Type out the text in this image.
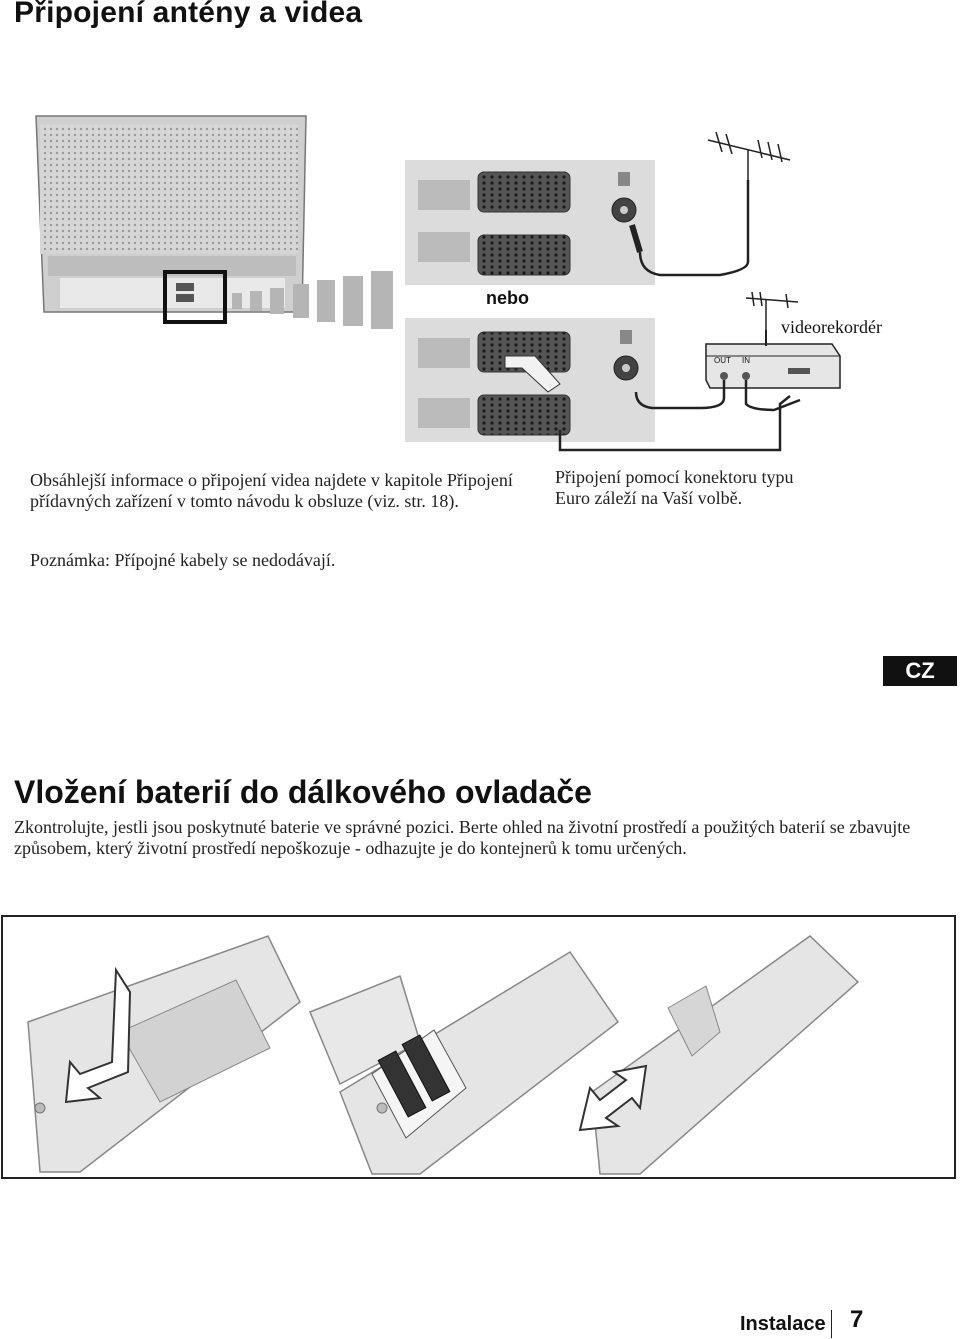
Připojení antény a videa
nebo
videorekordér
OUT IN
Obsáhlejší informace o připojení videa najdete v kapitole Připojení přídavných zařízení v tomto návodu k obsluze (viz. str. 18).
Připojení pomocí konektoru typu Euro záleží na Vaší volbě.
Poznámka: Přípojné kabely se nedodávají.
CZ
Vložení baterií do dálkového ovladače
Zkontrolujte, jestli jsou poskytnuté baterie ve správné pozici. Berte ohled na životní prostředí a použitých baterií se zbavujte způsobem, který životní prostředí nepoškozuje - odhazujte je do kontejnerů k tomu určených.
Instalace 7
